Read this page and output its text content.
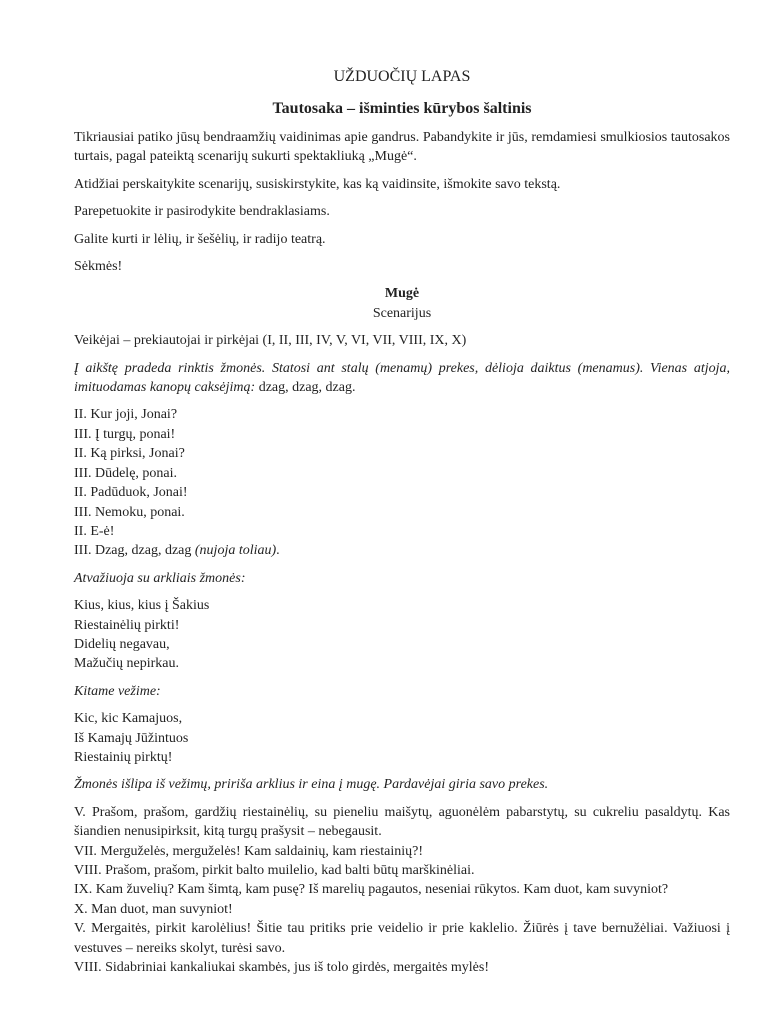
UŽDUOČIŲ LAPAS
Tautosaka – išminties kūrybos šaltinis

Tikriausiai patiko jūsų bendraamžių vaidinimas apie gandrus. Pabandykite ir jūs, remdamiesi smulkiosios tautosakos turtais, pagal pateiktą scenarijų sukurti spektakliuką „Mugė“.

Atidžiai perskaitykite scenarijų, susiskirstykite, kas ką vaidinsite, išmokite savo tekstą.

Parepetuokite ir pasirodykite bendraklasiams.

Galite kurti ir lėlių, ir šešėlių, ir radijo teatrą.

Sėkmės!

Mugė
Scenarijus

Veikėjai – prekiautojai ir pirkėjai (I, II, III, IV, V, VI, VII, VIII, IX, X)

Į aikštę pradeda rinktis žmonės. Statosi ant stalų (menamų) prekes, dėlioja daiktus (menamus). Vienas atjoja, imituodamas kanopų caksėjimą: dzag, dzag, dzag.

II. Kur joji, Jonai?
III. Į turgų, ponai!
II. Ką pirksi, Jonai?
III. Dūdelę, ponai.
II. Padūduok, Jonai!
III. Nemoku, ponai.
II. E-ė!
III. Dzag, dzag, dzag (nujoja toliau).

Atvažiuoja su arkliais žmonės:

Kius, kius, kius į Šakius
Riestainėlių pirkti!
Didelių negavau,
Mažučių nepirkau.

Kitame vežime:

Kic, kic Kamajuos,
Iš Kamajų Jūžintuos
Riestainių pirktų!

Žmonės išlipa iš vežimų, pririša arklius ir eina į mugę. Pardavėjai giria savo prekes.

V. Prašom, prašom, gardžių riestainėlių, su pieneliu maišytų, aguonėlėm pabarstytų, su cukreliu pasaldytų. Kas šiandien nenusipirksit, kitą turgų prašysit – nebegausit.
VII. Merguželės, merguželės! Kam saldainių, kam riestainių?!
VIII. Prašom, prašom, pirkit balto muilelio, kad balti būtų marškinėliai.
IX. Kam žuvelių? Kam šimtą, kam pusę? Iš marelių pagautos, neseniai rūkytos. Kam duot, kam suvyniot?
X. Man duot, man suvyniot!
V. Mergaitės, pirkit karolėlius! Šitie tau pritiks prie veidelio ir prie kaklelio. Žiūrės į tave bernužėliai. Važiuosi į vestuves – nereiks skolyt, turėsi savo.
VIII. Sidabriniai kankaliukai skambės, jus iš tolo girdės, mergaitės mylės!
